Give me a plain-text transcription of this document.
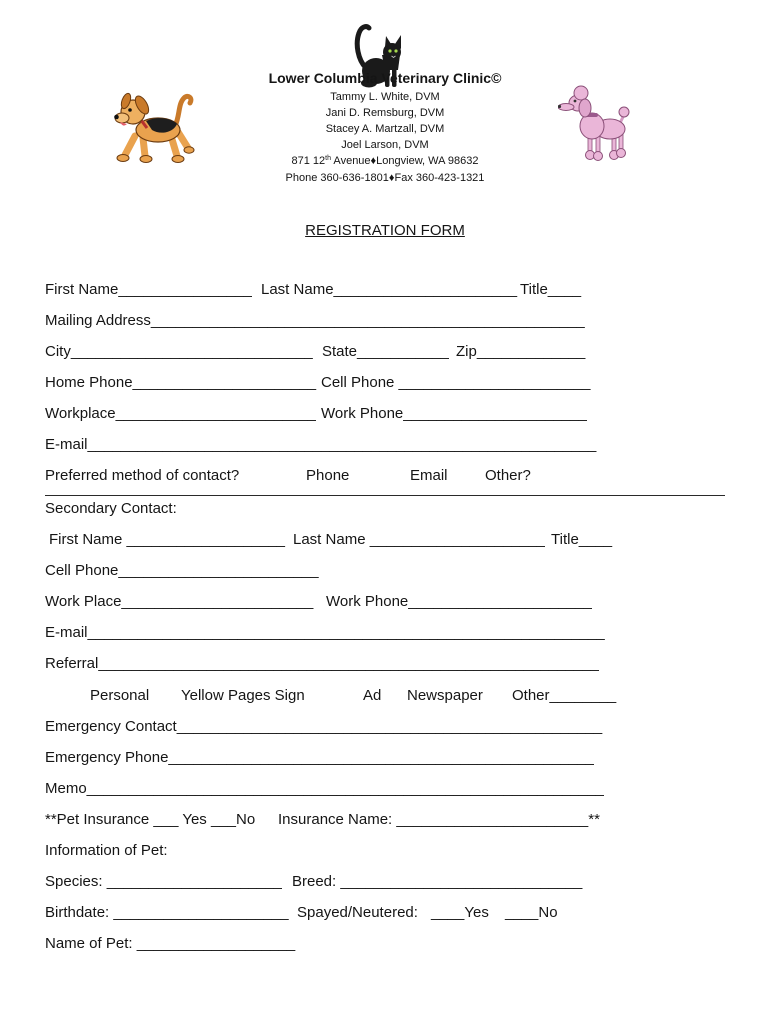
Lower Columbia Veterinary Clinic©
Tammy L. White, DVM
Jani D. Remsburg, DVM
Stacey A. Martzall, DVM
Joel Larson, DVM
871 12th Avenue♦Longview, WA 98632
Phone 360-636-1801♦Fax 360-423-1321
REGISTRATION FORM
First Name________________ Last Name______________________ Title____
Mailing Address____________________________________________________
City_____________________________ State___________ Zip_____________
Home Phone______________________ Cell Phone _______________________
Workplace________________________ Work Phone______________________
E-mail_____________________________________________________________
Preferred method of contact?	Phone	Email Other?
Secondary Contact:
First Name ___________________ Last Name _____________________ Title____
Cell Phone________________________
Work Place_______________________ Work Phone______________________
E-mail______________________________________________________________
Referral____________________________________________________________
Personal Yellow Pages Sign	Ad Newspaper Other________
Emergency Contact___________________________________________________
Emergency Phone___________________________________________________
Memo______________________________________________________________
**Pet Insurance ___ Yes ___No Insurance Name: _______________________**
Information of Pet:
Species: _____________________ Breed: _____________________________
Birthdate: _____________________ Spayed/Neutered: ____Yes ____No
Name of Pet: ___________________
